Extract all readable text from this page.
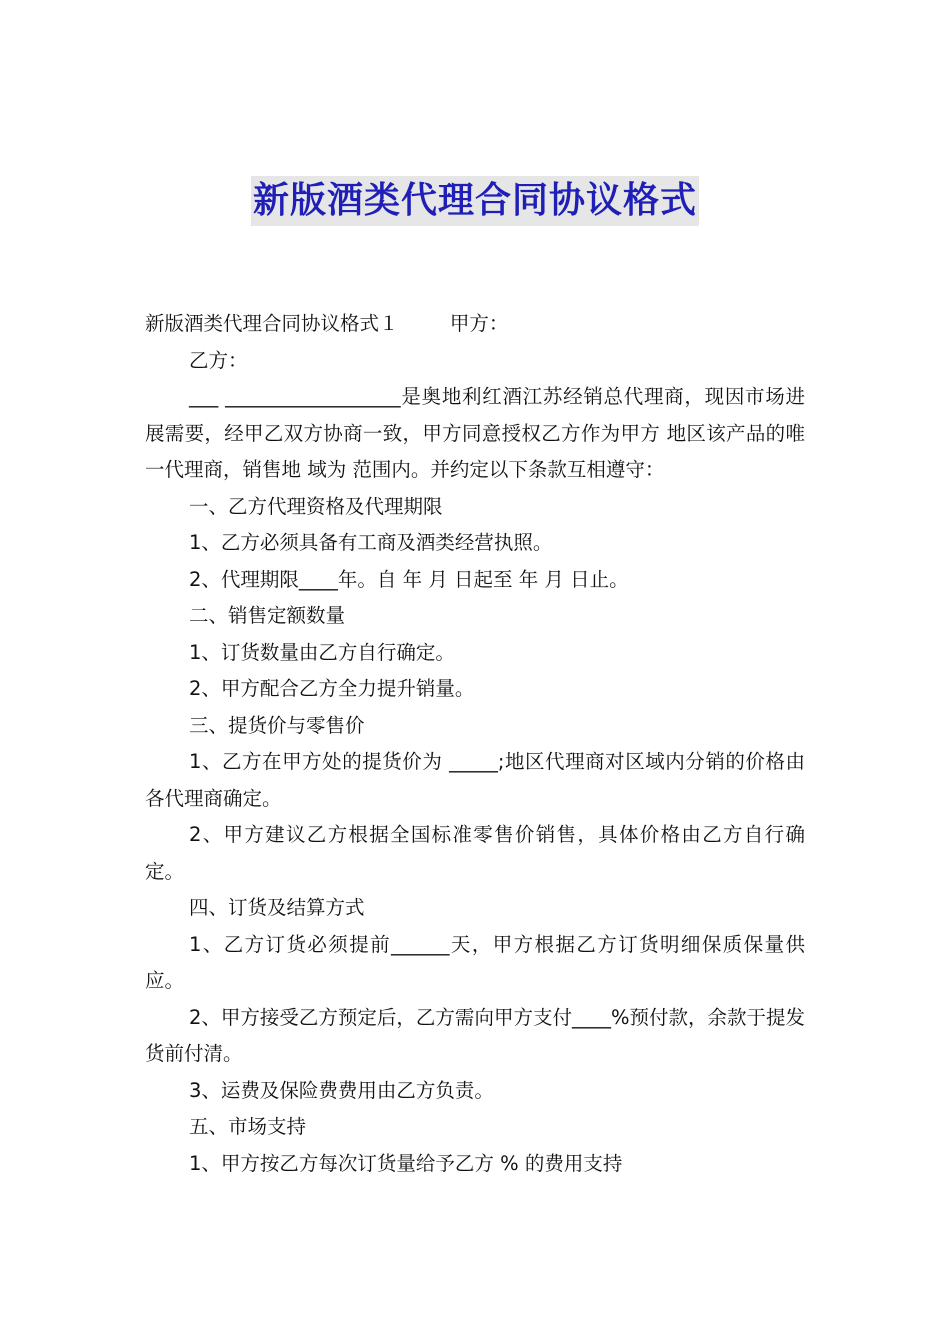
新版酒类代理合同协议格式

新版酒类代理合同协议格式１　　  甲方：

乙方：

___ __________________是奥地利红酒江苏经销总代理商，现因市场进展需要，经甲乙双方协商一致，甲方同意授权乙方作为甲方 地区该产品的唯一代理商，销售地 域为 范围内。并约定以下条款互相遵守：

一、乙方代理资格及代理期限

1、乙方必须具备有工商及酒类经营执照。

2、代理期限____年。自 年 月 日起至 年 月 日止。

二、销售定额数量

1、订货数量由乙方自行确定。

2、甲方配合乙方全力提升销量。

三、提货价与零售价

1、乙方在甲方处的提货价为 _____;地区代理商对区域内分销的价格由各代理商确定。

2、甲方建议乙方根据全国标准零售价销售，具体价格由乙方自行确定。

四、订货及结算方式

1、乙方订货必须提前______天，甲方根据乙方订货明细保质保量供应。

2、甲方接受乙方预定后，乙方需向甲方支付____%预付款，余款于提发货前付清。

3、运费及保险费费用由乙方负责。

五、市场支持

1、甲方按乙方每次订货量给予乙方 % 的费用支持
